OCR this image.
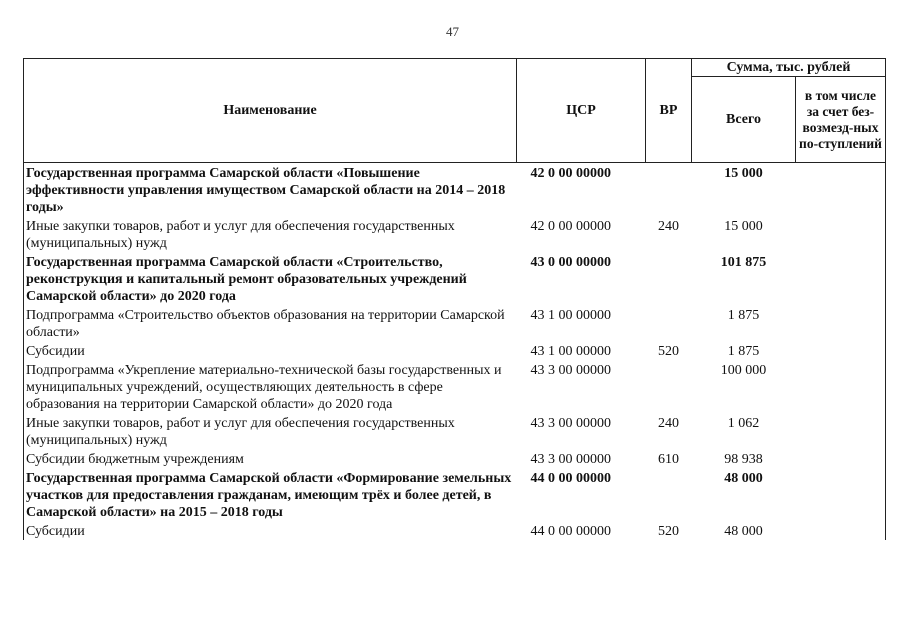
47
Наименование	ЦСР	ВР	Сумма, тыс. рублей	
			Всего	в том числе за счет без-возмезд-ных по-ступлений
Государственная программа Самарской области «Повышение эффективности управления имуществом Самарской области на 2014 – 2018 годы»	42 0 00 00000		15 000	
Иные закупки товаров, работ и услуг для обеспечения государственных (муниципальных) нужд	42 0 00 00000	240	15 000	
Государственная программа Самарской области «Строительство, реконструкция и капитальный ремонт образовательных учреждений Самарской области» до 2020 года	43 0 00 00000		101 875	
Подпрограмма «Строительство объектов образования на территории Самарской области»	43 1 00 00000		1 875	
Субсидии	43 1 00 00000	520	1 875	
Подпрограмма «Укрепление материально-технической базы государственных и муниципальных учреждений, осуществляющих деятельность в сфере образования на территории Самарской области» до 2020 года	43 3 00 00000		100 000	
Иные закупки товаров, работ и услуг для обеспечения государственных (муниципальных) нужд	43 3 00 00000	240	1 062	
Субсидии бюджетным учреждениям	43 3 00 00000	610	98 938	
Государственная программа Самарской области «Формирование земельных участков для предоставления гражданам, имеющим трёх и более детей, в Самарской области» на 2015 – 2018 годы	44 0 00 00000		48 000	
Субсидии	44 0 00 00000	520	48 000	
